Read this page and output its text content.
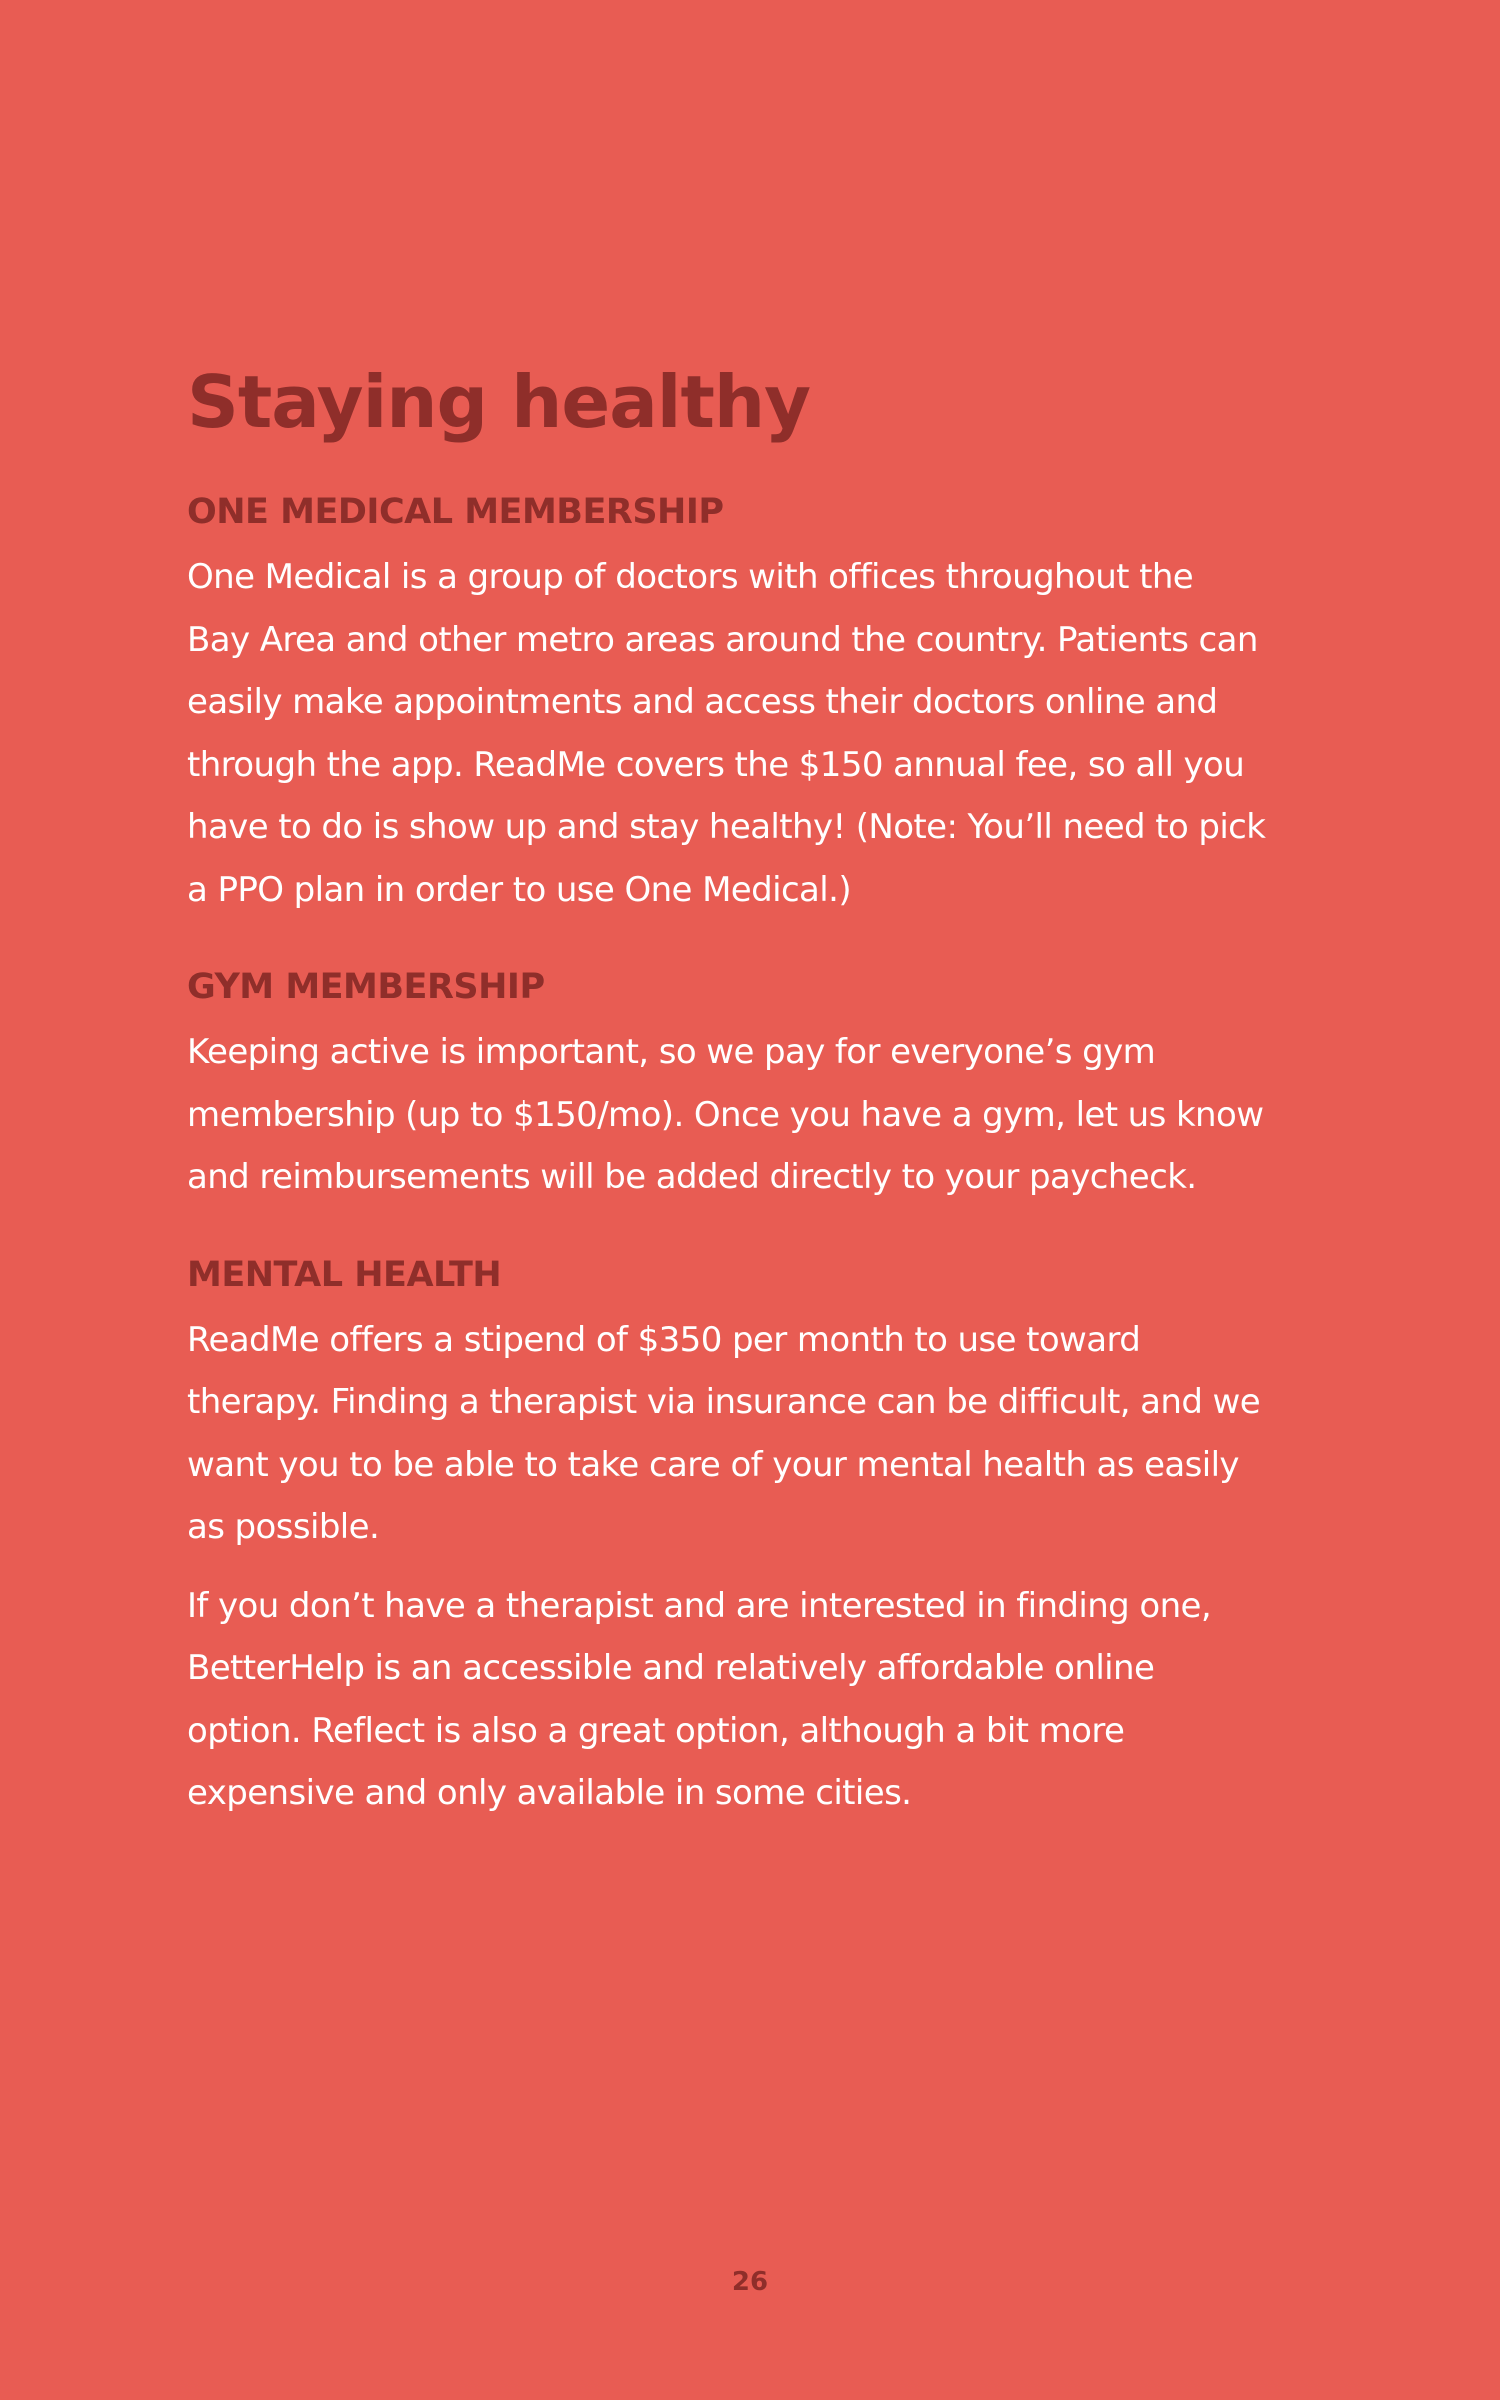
Staying healthy
ONE MEDICAL MEMBERSHIP

One Medical is a group of doctors with offices throughout the
Bay Area and other metro areas around the country. Patients can
easily make appointments and access their doctors online and
through the app. ReadMe covers the $150 annual fee, so all you
have to do is show up and stay healthy! (Note: You’ll need to pick
a PPO plan in order to use One Medical.)

GYM MEMBERSHIP

Keeping active is important, so we pay for everyone’s gym
membership (up to $150/mo). Once you have a gym, let us know
and reimbursements will be added directly to your paycheck.

MENTAL HEALTH

ReadMe offers a stipend of $350 per month to use toward
therapy. Finding a therapist via insurance can be difficult, and we
want you to be able to take care of your mental health as easily
as possible.

If you don’t have a therapist and are interested in finding one,
BetterHelp is an accessible and relatively affordable online
option. Reflect is also a great option, although a bit more
expensive and only available in some cities.

26
